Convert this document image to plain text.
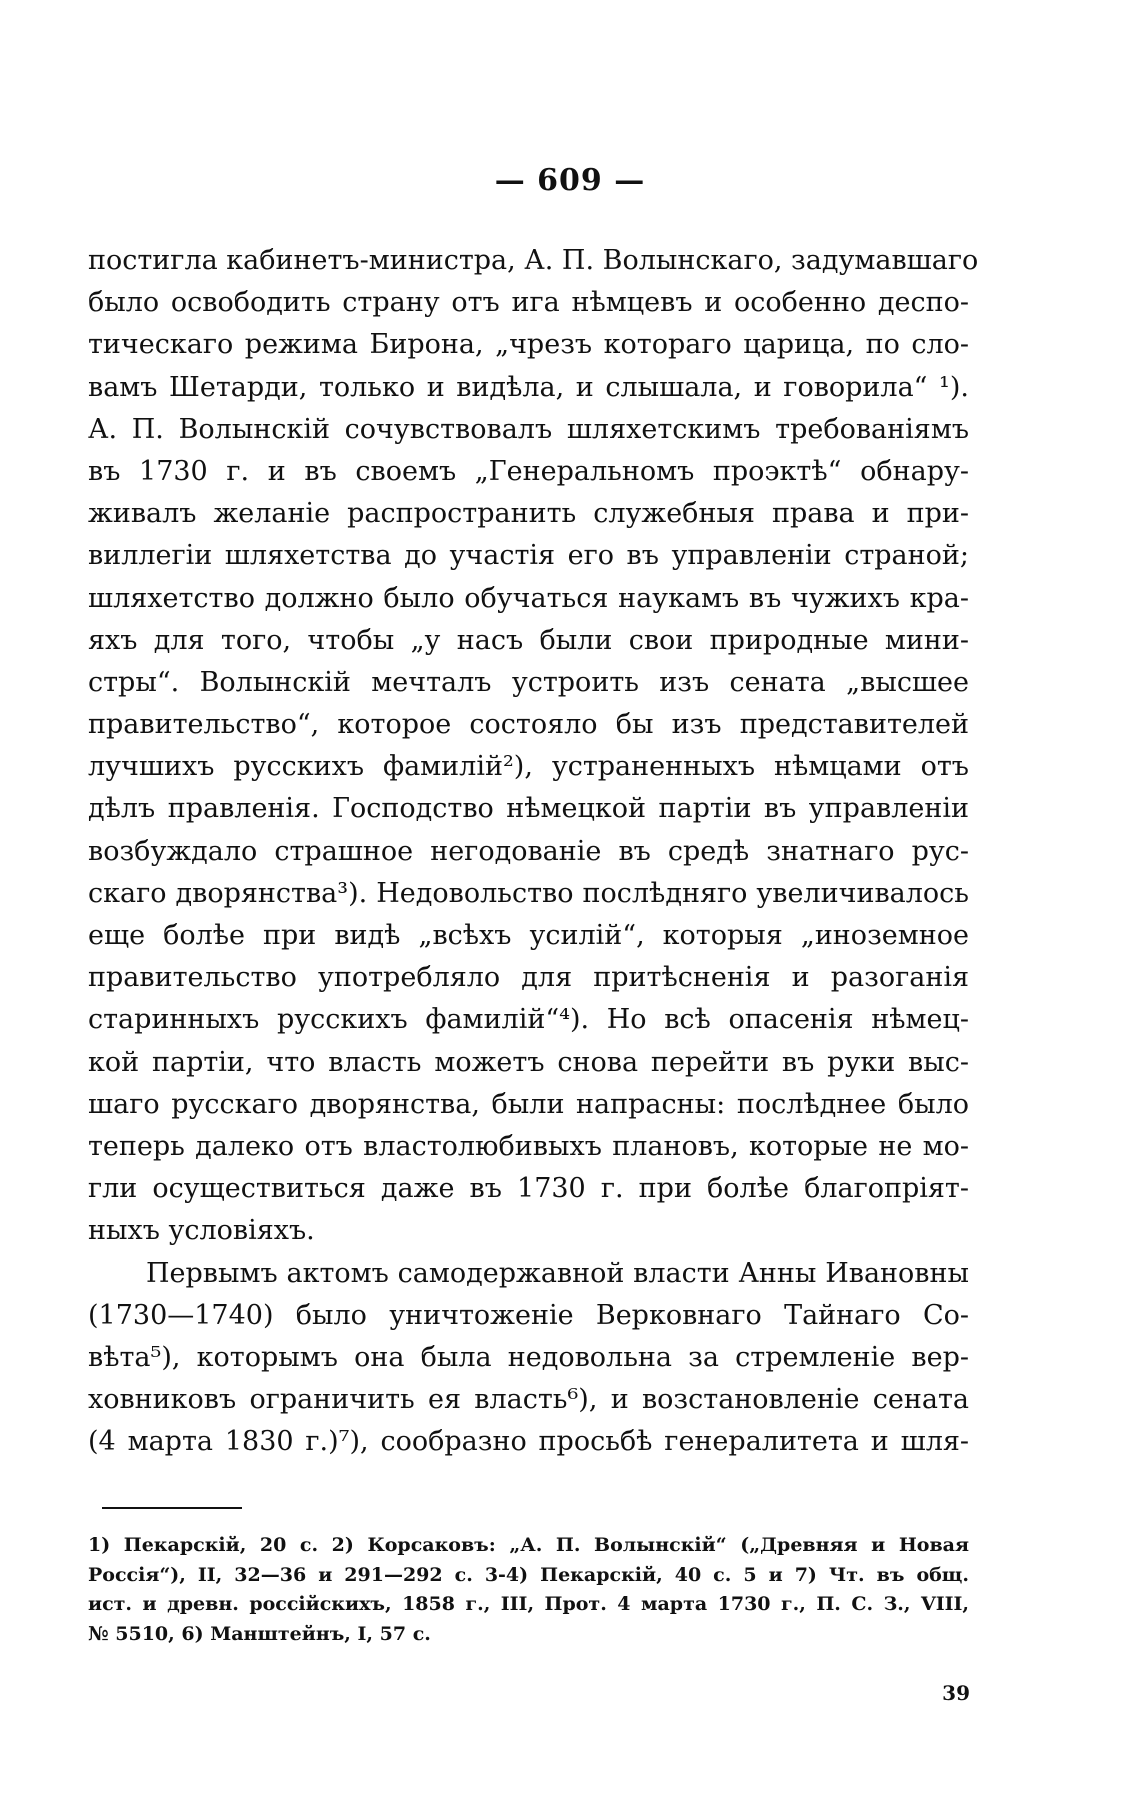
— 609 —
постигла кабинетъ-министра, А. П. Волынскаго, задумавшаго
было освободить страну отъ ига нѣмцевъ и особенно деспо-
тическаго режима Бирона, „чрезъ котораго царица, по сло-
вамъ Шетарди, только и видѣла, и слышала, и говорила“ ¹).
А. П. Волынскій сочувствовалъ шляхетскимъ требованіямъ
въ 1730 г. и въ своемъ „Генеральномъ проэктѣ“ обнару-
живалъ желаніе распространить служебныя права и при-
виллегіи шляхетства до участія его въ управленіи страной;
шляхетство должно было обучаться наукамъ въ чужихъ кра-
яхъ для того, чтобы „у насъ были свои природные мини-
стры“. Волынскій мечталъ устроить изъ сената „высшее
правительство“, которое состояло бы изъ представителей
лучшихъ русскихъ фамилій²), устраненныхъ нѣмцами отъ
дѣлъ правленія. Господство нѣмецкой партіи въ управленіи
возбуждало страшное негодованіе въ средѣ знатнаго рус-
скаго дворянства³). Недовольство послѣдняго увеличивалось
еще болѣе при видѣ „всѣхъ усилій“, которыя „иноземное
правительство употребляло для притѣсненія и разоганія
старинныхъ русскихъ фамилій“⁴). Но всѣ опасенія нѣмец-
кой партіи, что власть можетъ снова перейти въ руки выс-
шаго русскаго дворянства, были напрасны: послѣднее было
теперь далеко отъ властолюбивыхъ плановъ, которые не мо-
гли осуществиться даже въ 1730 г. при болѣе благопріят-
ныхъ условіяхъ.
Первымъ актомъ самодержавной власти Анны Ивановны
(1730—1740) было уничтоженіе Верковнаго Тайнаго Со-
вѣта⁵), которымъ она была недовольна за стремленіе вер-
ховниковъ ограничить ея власть⁶), и возстановленіе сената
(4 марта 1830 г.)⁷), сообразно просьбѣ генералитета и шля-
1) Пекарскій, 20 с. 2) Корсаковъ: „А. П. Волынскій“ („Древняя и Новая
Россія“), II, 32—36 и 291—292 с. 3-4) Пекарскій, 40 с. 5 и 7) Чт. въ общ.
ист. и древн. россійскихъ, 1858 г., III, Прот. 4 марта 1730 г., П. С. З., VIII,
№ 5510, 6) Манштейнъ, I, 57 с.
39
